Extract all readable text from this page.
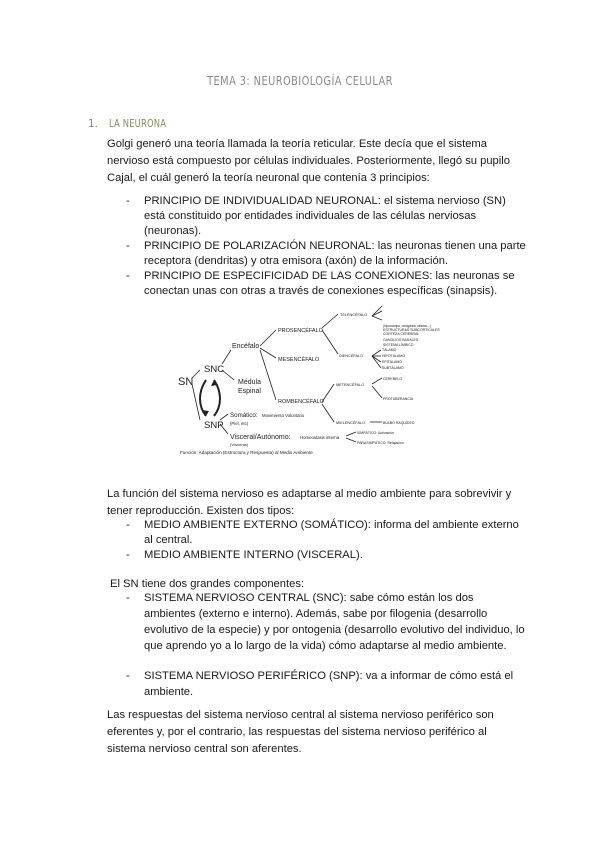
TEMA 3: NEUROBIOLOGÍA CELULAR
1. LA NEURONA
Golgi generó una teoría llamada la teoría reticular. Este decía que el sistema nervioso está compuesto por células individuales. Posteriormente, llegó su pupilo Cajal, el cuál generó la teoría neuronal que contenía 3 principios:
- PRINCIPIO DE INDIVIDUALIDAD NEURONAL: el sistema nervioso (SN) está constituido por entidades individuales de las células nerviosas (neuronas).
- PRINCIPIO DE POLARIZACIÓN NEURONAL: las neuronas tienen una parte receptora (dendritas) y otra emisora (axón) de la información.
- PRINCIPIO DE ESPECIFICIDAD DE LAS CONEXIONES: las neuronas se conectan unas con otras a través de conexiones específicas (sinapsis).
SN
SNC
SNP
Encéfalo
Médula
Espinal
PROSENCÉFALO
MESENCÉFALO
ROMBENCÉFALO
TELENCÉFALO
DIENCÉFALO
METENCÉFALO
MIELENCÉFALO
CORTEZA CEREBRAL
GANGLIOS BASALES
SISTEMA LÍMBICO
ESTRUCTURAS SUBCORTICALES
(hipocampo, amígdala, tálamo...)
TÁLAMO
HIPOTÁLAMO
EPITÁLAMO
SUBTÁLAMO
CEREBELO
PROTUBERANCIA
BULBO RAQUÍDEO
Somático: Movimiento Voluntario
(Piel, etc)
Visceral/Autónomo: Homeostasis interna
(Vísceras)
SIMPÁTICO: Activación
PARASIMPÁTICO: Relajación
Función: Adaptación (Estructura y Respuesta) al Medio Ambiente
La función del sistema nervioso es adaptarse al medio ambiente para sobrevivir y tener reproducción. Existen dos tipos:
- MEDIO AMBIENTE EXTERNO (SOMÁTICO): informa del ambiente externo al central.
- MEDIO AMBIENTE INTERNO (VISCERAL).
El SN tiene dos grandes componentes:
- SISTEMA NERVIOSO CENTRAL (SNC): sabe cómo están los dos ambientes (externo e interno). Además, sabe por filogenia (desarrollo evolutivo de la especie) y por ontogenia (desarrollo evolutivo del individuo, lo que aprendo yo a lo largo de la vida) cómo adaptarse al medio ambiente.
- SISTEMA NERVIOSO PERIFÉRICO (SNP): va a informar de cómo está el ambiente.
Las respuestas del sistema nervioso central al sistema nervioso periférico son eferentes y, por el contrario, las respuestas del sistema nervioso periférico al sistema nervioso central son aferentes.
